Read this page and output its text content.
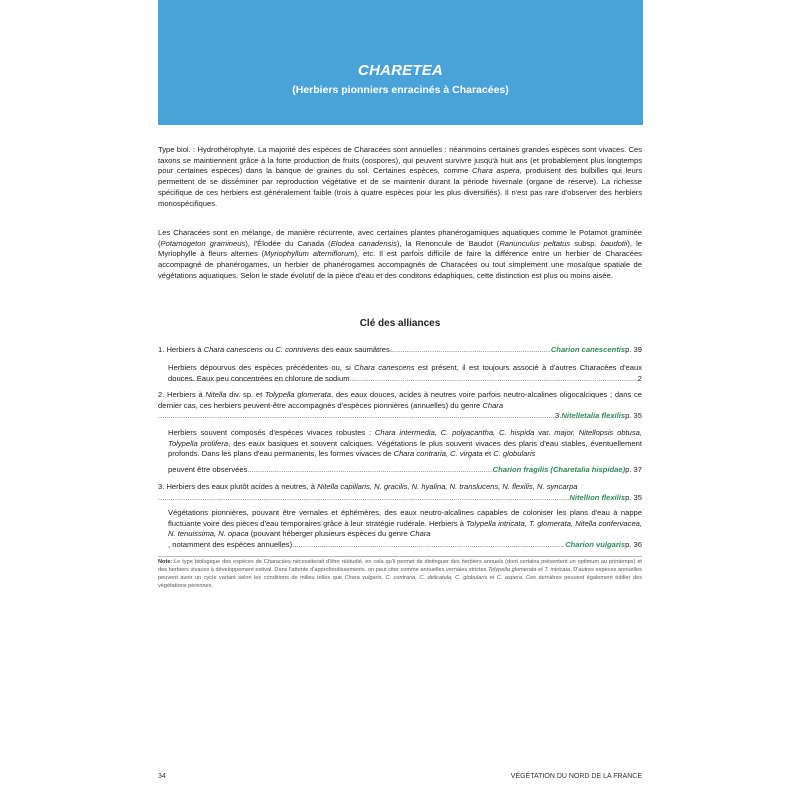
CHARETEA
(Herbiers pionniers enracinés à Characées)

Type biol. : Hydrothérophyte. La majorité des espèces de Characées sont annuelles : néanmoins certaines grandes espèces sont vivaces. Ces taxons se maintiennent grâce à la forte production de fruits (oospores), qui peuvent survivre jusqu'à huit ans (et probablement plus longtemps pour certaines espèces) dans la banque de graines du sol. Certaines espèces, comme Chara aspera, produisent des bulbilles qui leurs permettent de se disséminer par reproduction végétative et de se maintenir durant la période hivernale (organe de réserve). La richesse spécifique de ces herbiers est généralement faible (trois à quatre espèces pour les plus diversifiés). Il n'est pas rare d'observer des herbiers monospécifiques.

Les Characées sont en mélange, de manière récurrente, avec certaines plantes phanérogamiques aquatiques comme le Potamot graminée (Potamogeton gramineus), l'Élodée du Canada (Elodea canadensis), la Renoncule de Baudot (Ranunculus peltatus subsp. baudotii), le Myriophylle à fleurs alternes (Myriophyllum alterniflorum), etc. Il est parfois difficile de faire la différence entre un herbier de Characées accompagné de phanérogames, un herbier de phanérogames accompagnés de Characées ou tout simplement une mosaïque spatiale de végétations aquatiques. Selon le stade évolutif de la pièce d'eau et des conditons édaphiques, cette distinction est plus ou moins aisée.

Clé des alliances
1. Herbiers à Chara canescens ou C. connivens des eaux saumâtres .....	Charion canescentis p. 39
Herbiers dépourvus des espèces précédentes ou, si Chara canescens est présent, il est toujours associé à d'autres Characées d'eaux douces. Eaux peu concentrées en chlorure de sodium .....	2
2. Herbiers à Nitella div. sp. et Tolypella glomerata, des eaux douces, acides à neutres voire parfois neutro-alcalines oligocalciques ; dans ce dernier cas, ces herbiers peuvent-être accompagnés d'espèces pionnières (annuelles) du genre Chara
.....
3. Nitelletalia flexilis p. 35
Herbiers souvent composés d'espèces vivaces robustes : Chara intermedia, C. polyacantha, C. hispida var. major, Nitellopsis obtusa, Tolypella prolifera, des eaux basiques et souvent calciques. Végétations le plus souvent vivaces des plans d'eau stables, éventuellement profonds. Dans les plans d'eau permanents, les formes vivaces de Chara contraria, C. virgata et C. globularis
peuvent être observées .....	Charion fragilis (Charetalia hispidae) p. 37
3. Herbiers des eaux plutôt acides à neutres, à Nitella capillaris, N. gracilis, N. hyalina, N. translucens, N. flexilis, N. syncarpa
.....
Nitellion flexilis p. 35
Végétations pionnières, pouvant être vernales et éphémères, des eaux neutro-alcalines capables de coloniser les plans d'eau à nappe fluctuante voire des pièces d'eau temporaires grâce à leur stratégie rudérale. Herbiers à Tolypella intricata, T. glomerata, Nitella confervacea, N. tenuissima, N. opaca (pouvant héberger plusieurs espèces du genre Chara
, notamment des espèces annuelles) .....	Charion vulgaris p. 36

Note: Le type biologique des espèces de Characées nécessiterait d'être réétudié, en cela qu'il permet de distinguer des herbiers annuels (dont certains présentent un optimum au printemps) et des herbiers vivaces à développement estival. Dans l'attente d'approfondissements, on peut citer comme annuelles vernales strictes Tolypella glomerata et T. intricata. D'autres espèces annuelles peuvent avoir un cycle variant selon les conditions de milieu telles que Chara vulgaris, C. contraria, C. delicatula, C. globularis et C. aspera. Ces dernières peuvent également édifier des végétations pérennes.

34	VÉGÉTATION DU NORD DE LA FRANCE
